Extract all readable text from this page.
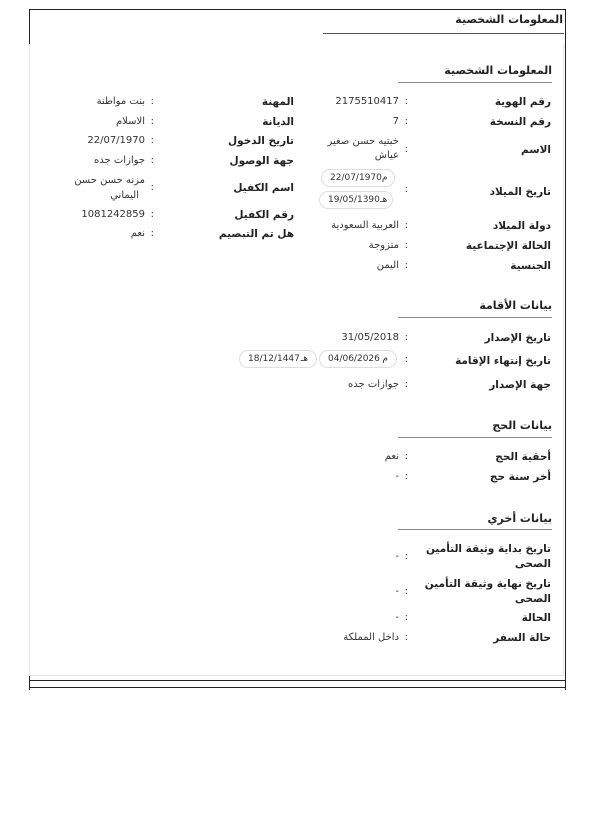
المعلومات الشخصية
المعلومات الشخصية
رقم الهوية
:
2175510417
رقم النسخة
:
7
الاسم
:
خبتيه حسن صغير
عياش
تاريخ الميلاد
:
22/07/1970 م
19/05/1390 هـ
دولة الميلاد
:
العربية السعودية
الحالة الإجتماعية
:
متزوجة
الجنسية
:
اليمن
المهنة
:
بنت مواطنة
الديانة
:
الاسلام
تاريخ الدخول
:
22/07/1970
جهة الوصول
:
جوازات جده
اسم الكفيل
:
مزنه حسن حسن
اليماني
رقم الكفيل
:
1081242859
هل تم التبصيم
:
نعم
بيانات الأقامة
تاريخ الإصدار
:
31/05/2018
تاريخ إنتهاء الإقامة
:
04/06/2026 م
18/12/1447 هـ
جهة الإصدار
:
جوازات جده
بيانات الحج
أحقية الحج
:
نعم
أخر سنة حج
:
-
بيانات أخري
تاريخ بداية وثيقة التأمين
الصحى
:
-
تاريخ نهاية وثيقة التأمين
الصحى
:
-
الحالة
:
-
حالة السفر
:
داخل المملكة
